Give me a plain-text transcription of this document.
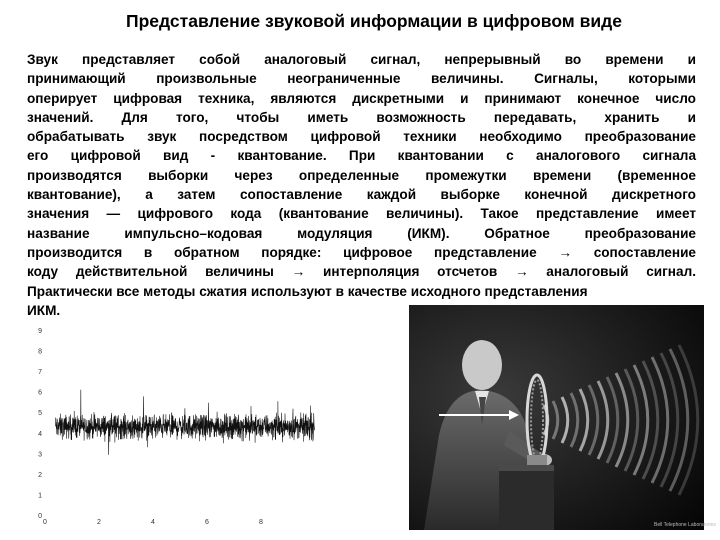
Представление звуковой информации в цифровом виде
Звук представляет собой аналоговый сигнал, непрерывный во времени и
принимающий произвольные неограниченные величины. Сигналы, которыми
оперирует цифровая техника, являются дискретными и принимают конечное число
значений. Для того, чтобы иметь возможность передавать, хранить и
обрабатывать звук посредством цифровой техники необходимо преобразование
его цифровой вид - квантование. При квантовании с аналогового сигнала
производятся выборки через определенные промежутки времени (временное
квантование), а затем сопоставление каждой выборке конечной дискретного
значения — цифрового кода (квантование величины). Такое представление имеет
название импульсно–кодовая модуляция (ИКМ). Обратное преобразование
производится в обратном порядке: цифровое представление → сопоставление
коду действительной величины → интерполяция отсчетов → аналоговый сигнал.
Практически все методы сжатия используют в качестве исходного представления
ИКМ.
0
1
2
3
4
5
6
7
8
9
0	2	4	6	8	Bell Telephone Laboratories
